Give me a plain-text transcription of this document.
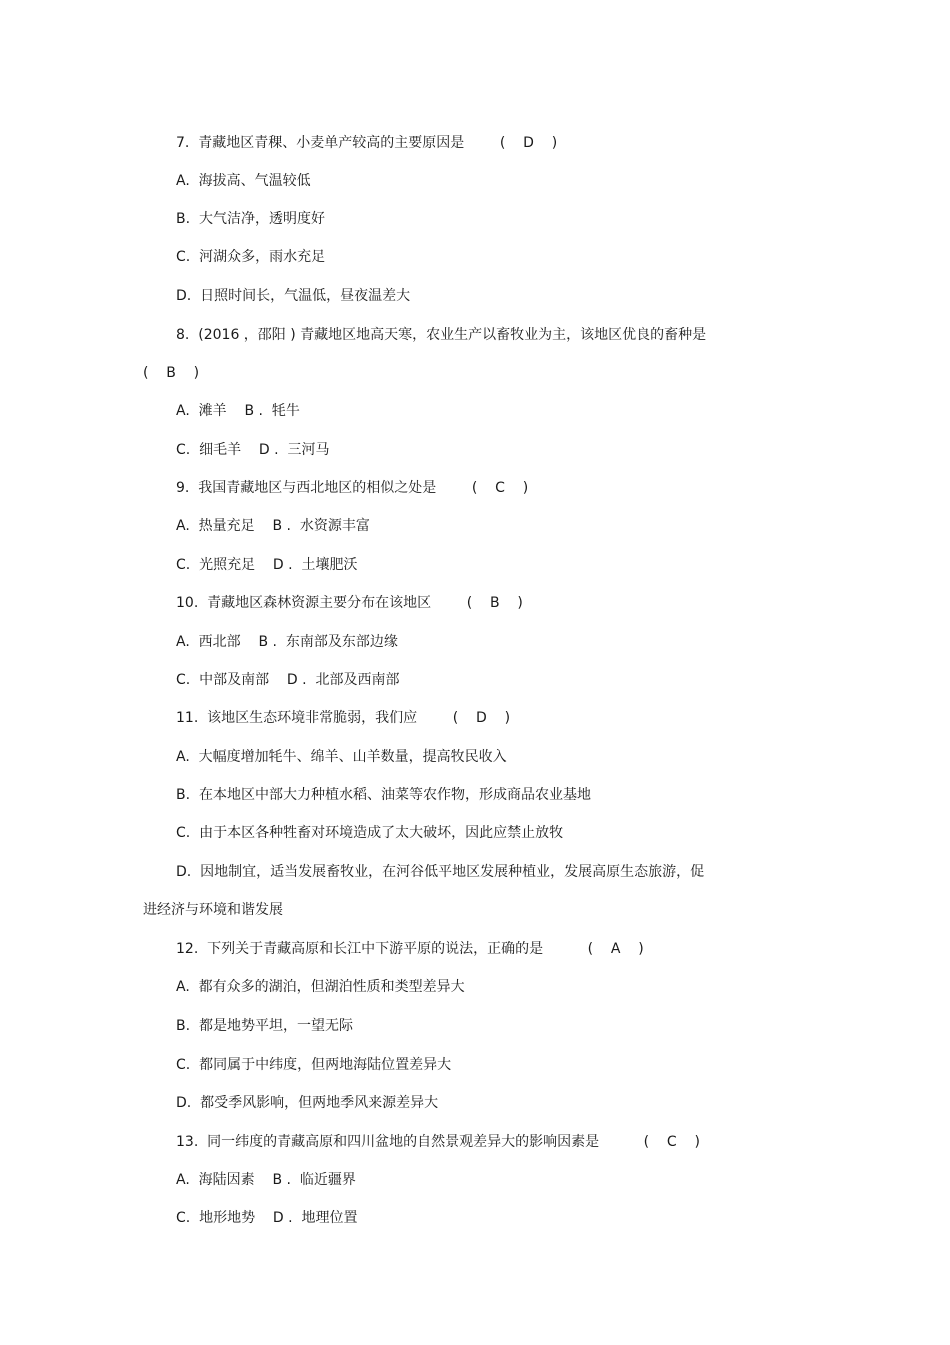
7.  青藏地区青稞、小麦单产较高的主要原因是        (    D    )
A.  海拔高、气温较低
B.  大气洁净，透明度好
C.  河湖众多，雨水充足
D.  日照时间长，气温低，昼夜温差大
8.  (2016 ，邵阳 ) 青藏地区地高天寒，农业生产以畜牧业为主，该地区优良的畜种是
(    B    )
A.  滩羊    B .  牦牛
C.  细毛羊    D .  三河马
9.  我国青藏地区与西北地区的相似之处是        (    C    )
A.  热量充足    B .  水资源丰富
C.  光照充足    D .  土壤肥沃
10.  青藏地区森林资源主要分布在该地区        (    B    )
A.  西北部    B .  东南部及东部边缘
C.  中部及南部    D .  北部及西南部
11.  该地区生态环境非常脆弱，我们应        (    D    )
A.  大幅度增加牦牛、绵羊、山羊数量，提高牧民收入
B.  在本地区中部大力种植水稻、油菜等农作物，形成商品农业基地
C.  由于本区各种牲畜对环境造成了太大破坏，因此应禁止放牧
D.  因地制宜，适当发展畜牧业，在河谷低平地区发展种植业，发展高原生态旅游，促
进经济与环境和谐发展
12.  下列关于青藏高原和长江中下游平原的说法，正确的是          (    A    )
A.  都有众多的湖泊，但湖泊性质和类型差异大
B.  都是地势平坦，一望无际
C.  都同属于中纬度，但两地海陆位置差异大
D.  都受季风影响，但两地季风来源差异大
13.  同一纬度的青藏高原和四川盆地的自然景观差异大的影响因素是          (    C    )
A.  海陆因素    B .  临近疆界
C.  地形地势    D .  地理位置
